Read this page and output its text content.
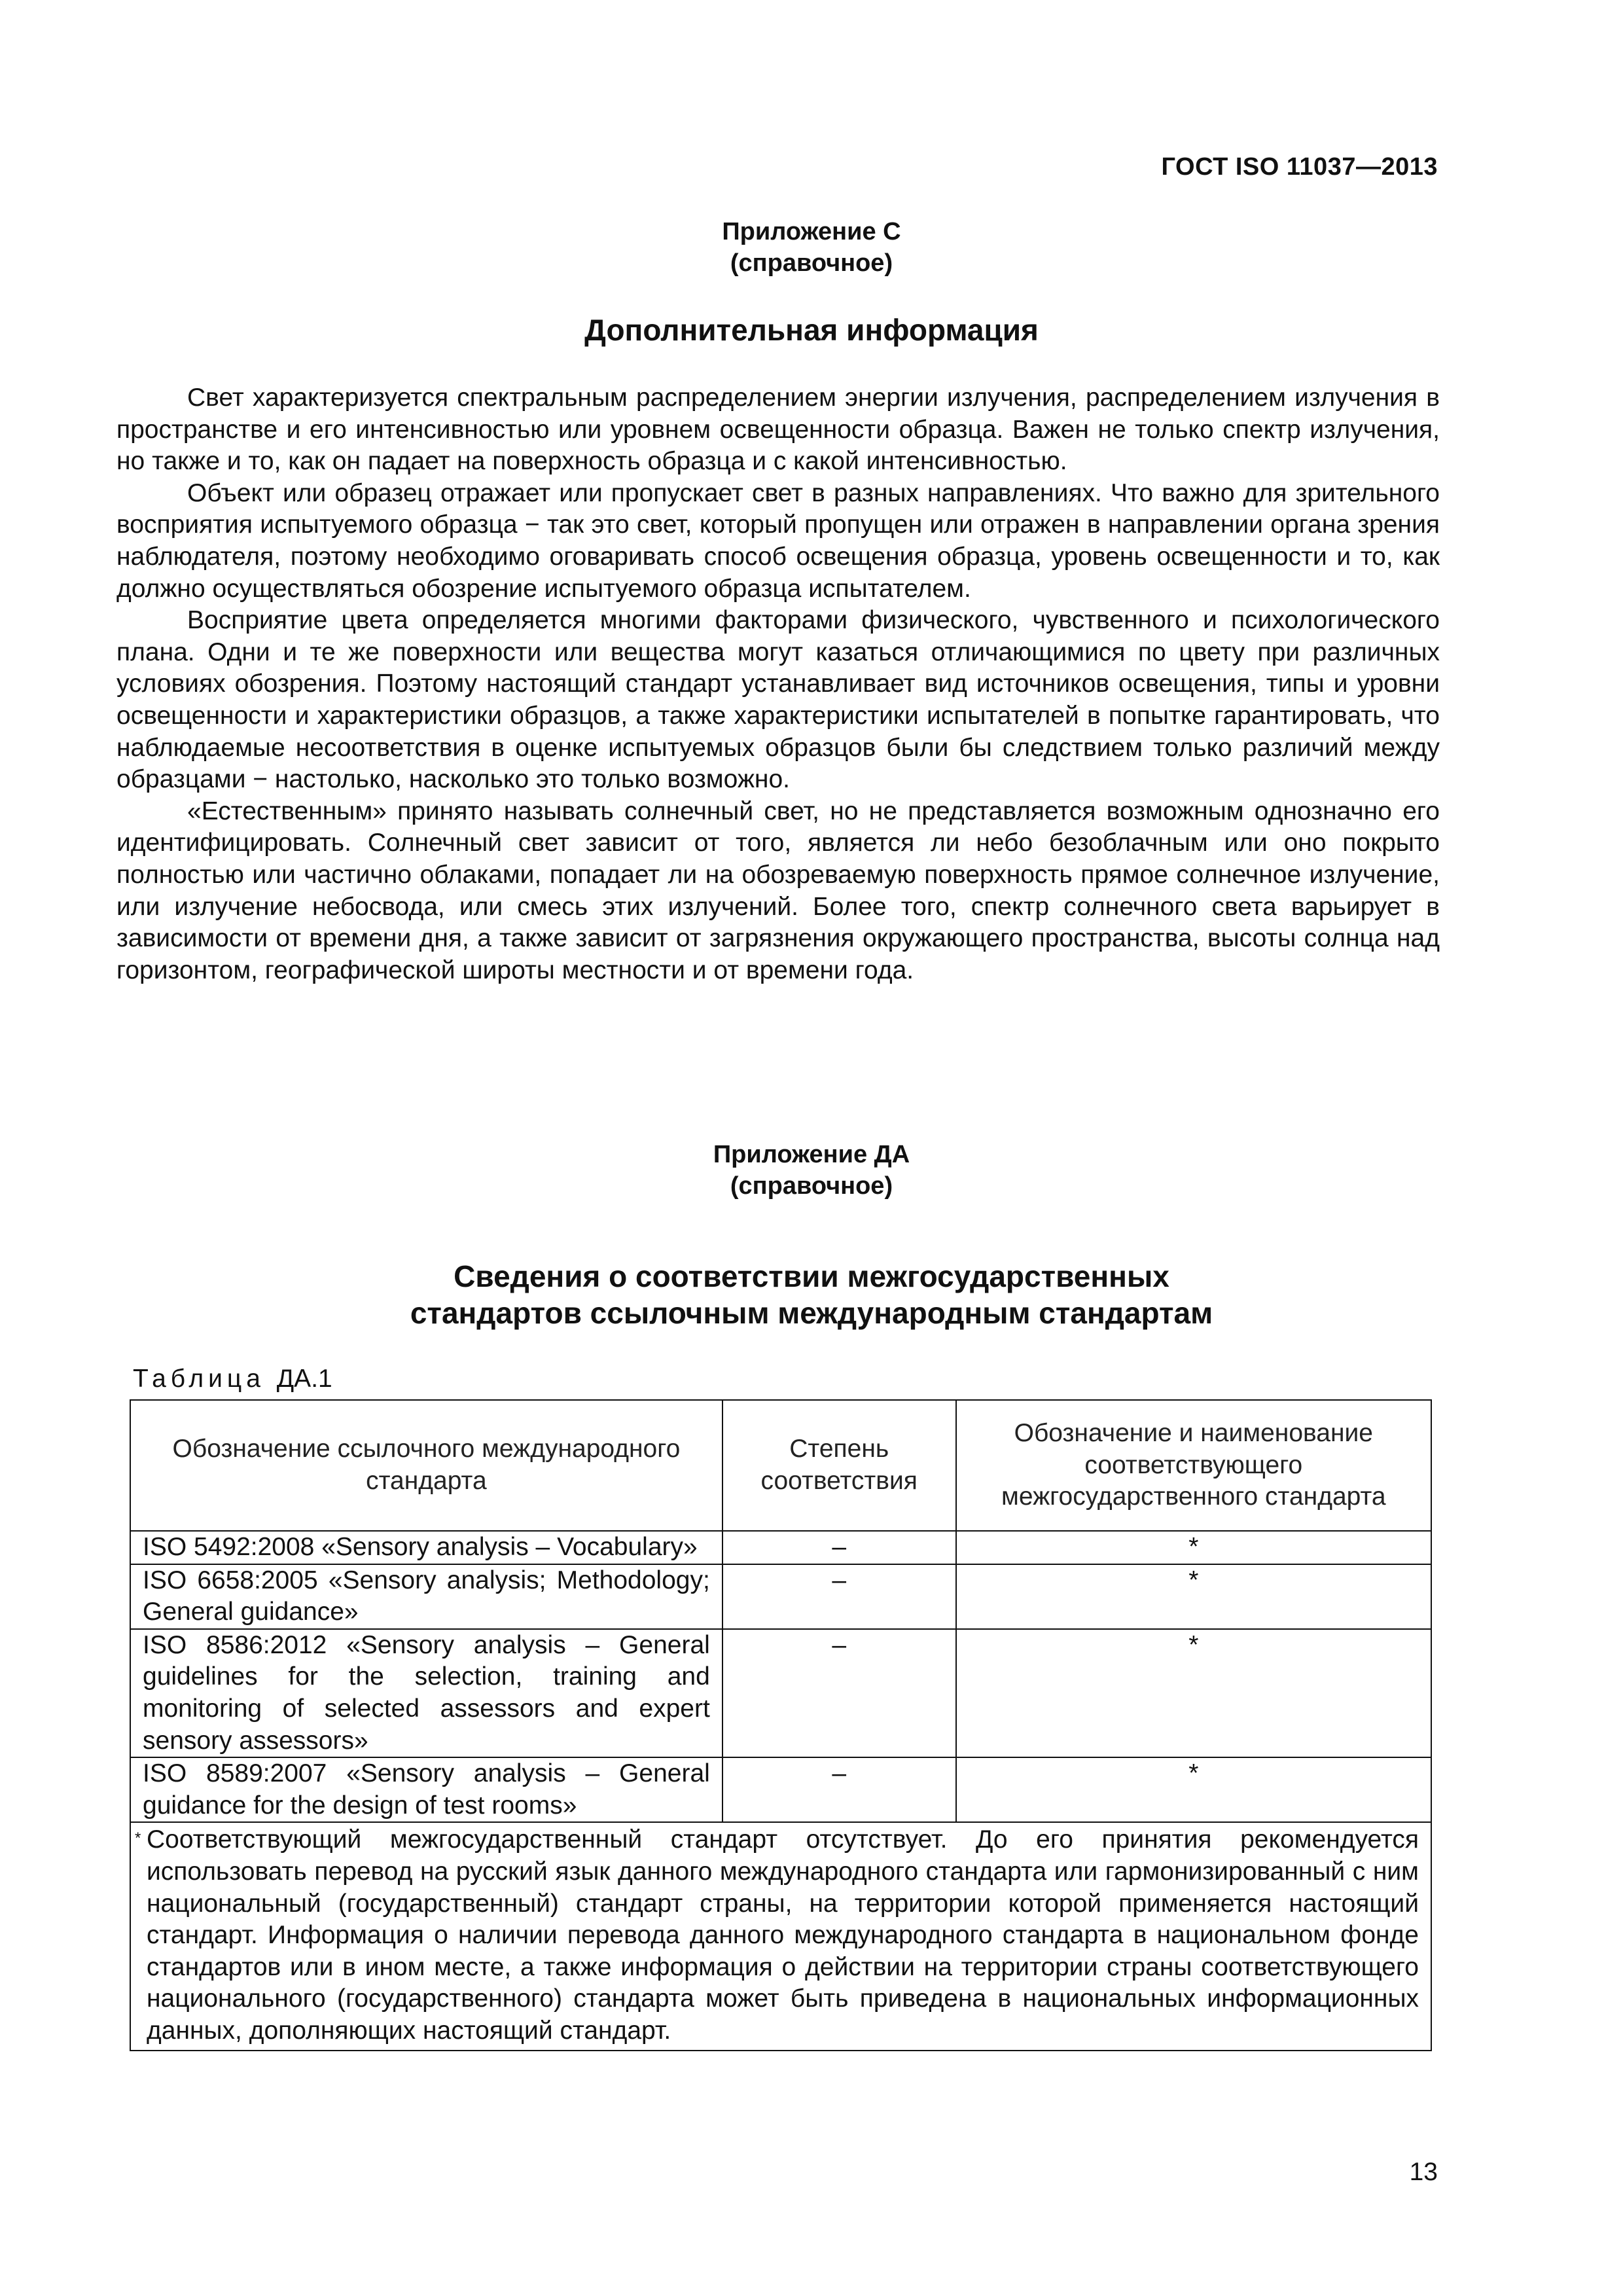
ГОСТ ISO 11037—2013
Приложение С
(справочное)
Дополнительная информация

Свет характеризуется спектральным распределением энергии излучения, распределением излучения в пространстве и его интенсивностью или уровнем освещенности образца. Важен не только спектр излучения, но также и то, как он падает на поверхность образца и с какой интенсивностью.

Объект или образец отражает или пропускает свет в разных направлениях. Что важно для зрительного восприятия испытуемого образца − так это свет, который пропущен или отражен в направлении органа зрения наблюдателя, поэтому необходимо оговаривать способ освещения образца, уровень освещенности и то, как должно осуществляться обозрение испытуемого образца испытателем.

Восприятие цвета определяется многими факторами физического, чувственного и психологического плана. Одни и те же поверхности или вещества могут казаться отличающимися по цвету при различных условиях обозрения. Поэтому настоящий стандарт устанавливает вид источников освещения, типы и уровни освещенности и характеристики образцов, а также характеристики испытателей в попытке гарантировать, что наблюдаемые несоответствия в оценке испытуемых образцов были бы следствием только различий между образцами − настолько, насколько это только возможно.

«Естественным» принято называть солнечный свет, но не представляется возможным однозначно его идентифицировать. Солнечный свет зависит от того, является ли небо безоблачным или оно покрыто полностью или частично облаками, попадает ли на обозреваемую поверхность прямое солнечное излучение, или излучение небосвода, или смесь этих излучений. Более того, спектр солнечного света варьирует в зависимости от времени дня, а также зависит от загрязнения окружающего пространства, высоты солнца над горизонтом, географической широты местности и от времени года.

Приложение ДА
(справочное)
Сведения о соответствии межгосударственных
стандартов ссылочным международным стандартам
Таблица ДА.1
Обозначение ссылочного международного стандарта	Степень соответствия	Обозначение и наименование соответствующего межгосударственного стандарта
ISO 5492:2008 «Sensory analysis – Vocabulary»	–	*
ISO 6658:2005 «Sensory analysis; Methodology; General guidance»	–	*
ISO 8586:2012 «Sensory analysis – General guidelines for the selection, training and monitoring of selected assessors and expert sensory assessors»	–	*
ISO 8589:2007 «Sensory analysis – General guidance for the design of test rooms»	–	*

* Соответствующий межгосударственный стандарт отсутствует. До его принятия рекомендуется использовать перевод на русский язык данного международного стандарта или гармонизированный с ним национальный (государственный) стандарт страны, на территории которой применяется настоящий стандарт. Информация о наличии перевода данного международного стандарта в национальном фонде стандартов или в ином месте, а также информация о действии на территории страны соответствующего национального (государственного) стандарта может быть приведена в национальных информационных данных, дополняющих настоящий стандарт.		
13
